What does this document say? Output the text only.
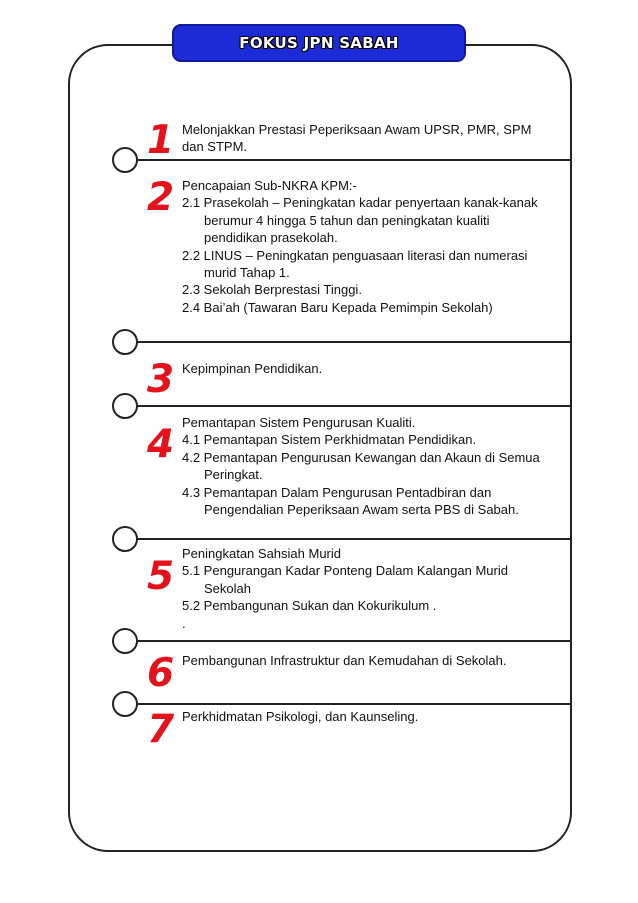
FOKUS JPN SABAH
1 Melonjakkan Prestasi Peperiksaan Awam UPSR, PMR, SPM
dan STPM.
2 Pencapaian Sub-NKRA KPM:-
2.1 Prasekolah – Peningkatan kadar penyertaan kanak-kanak
berumur 4 hingga 5 tahun dan peningkatan kualiti
pendidikan prasekolah.
2.2 LINUS – Peningkatan penguasaan literasi dan numerasi
murid Tahap 1.
2.3 Sekolah Berprestasi Tinggi.
2.4 Bai’ah (Tawaran Baru Kepada Pemimpin Sekolah)
3 Kepimpinan Pendidikan.
4 Pemantapan Sistem Pengurusan Kualiti.
4.1 Pemantapan Sistem Perkhidmatan Pendidikan.
4.2 Pemantapan Pengurusan Kewangan dan Akaun di Semua
Peringkat.
4.3 Pemantapan Dalam Pengurusan Pentadbiran dan
Pengendalian Peperiksaan Awam serta PBS di Sabah.
5
Peningkatan Sahsiah Murid
5.1 Pengurangan Kadar Ponteng Dalam Kalangan Murid
Sekolah
5.2 Pembangunan Sukan dan Kokurikulum .
.
6 Pembangunan Infrastruktur dan Kemudahan di Sekolah.
7 Perkhidmatan Psikologi, dan Kaunseling.
